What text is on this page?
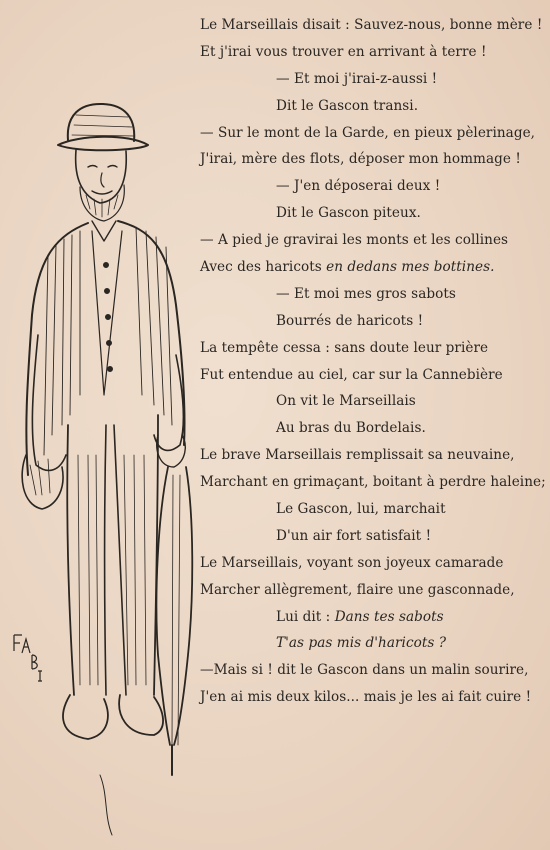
Le Marseillais disait : Sauvez-nous, bonne mère !
Et j'irai vous trouver en arrivant à terre !
— Et moi j'irai-z-aussi !
Dit le Gascon transi.
— Sur le mont de la Garde, en pieux pèlerinage,
J'irai, mère des flots, déposer mon hommage !
— J'en déposerai deux !
Dit le Gascon piteux.
— A pied je gravirai les monts et les collines
Avec des haricots en dedans mes bottines.
— Et moi mes gros sabots
Bourrés de haricots !
La tempête cessa : sans doute leur prière
Fut entendue au ciel, car sur la Cannebière
On vit le Marseillais
Au bras du Bordelais.
Le brave Marseillais remplissait sa neuvaine,
Marchant en grimaçant, boitant à perdre haleine;
Le Gascon, lui, marchait
D'un air fort satisfait !
Le Marseillais, voyant son joyeux camarade
Marcher allègrement, flaire une gasconnade,
Lui dit : Dans tes sabots
T'as pas mis d'haricots ?
—Mais si ! dit le Gascon dans un malin sourire,
J'en ai mis deux kilos... mais je les ai fait cuire !
